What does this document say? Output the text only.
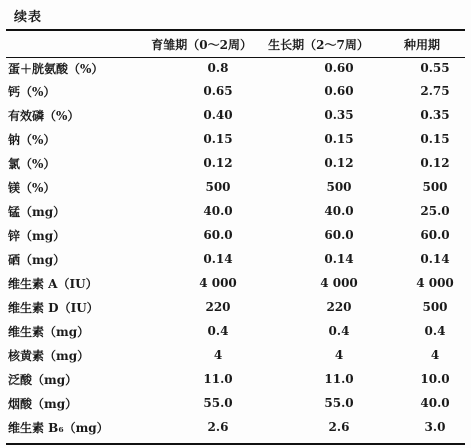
续表
	育雏期（0～2周）	生长期（2～7周）	种用期
蛋＋胱氨酸（%）	0.8	0.60	0.55
钙（%）	0.65	0.60	2.75
有效磷（%）	0.40	0.35	0.35
钠（%）	0.15	0.15	0.15
氯（%）	0.12	0.12	0.12
镁（%）	500	500	500
锰（mg）	40.0	40.0	25.0
锌（mg）	60.0	60.0	60.0
硒（mg）	0.14	0.14	0.14
维生素 A（IU）	4 000	4 000	4 000
维生素 D（IU）	220	220	500
维生素（mg）	0.4	0.4	0.4
核黄素（mg）	4	4	4
泛酸（mg）	11.0	11.0	10.0
烟酸（mg）	55.0	55.0	40.0
维生素 B₆（mg）	2.6	2.6	3.0
